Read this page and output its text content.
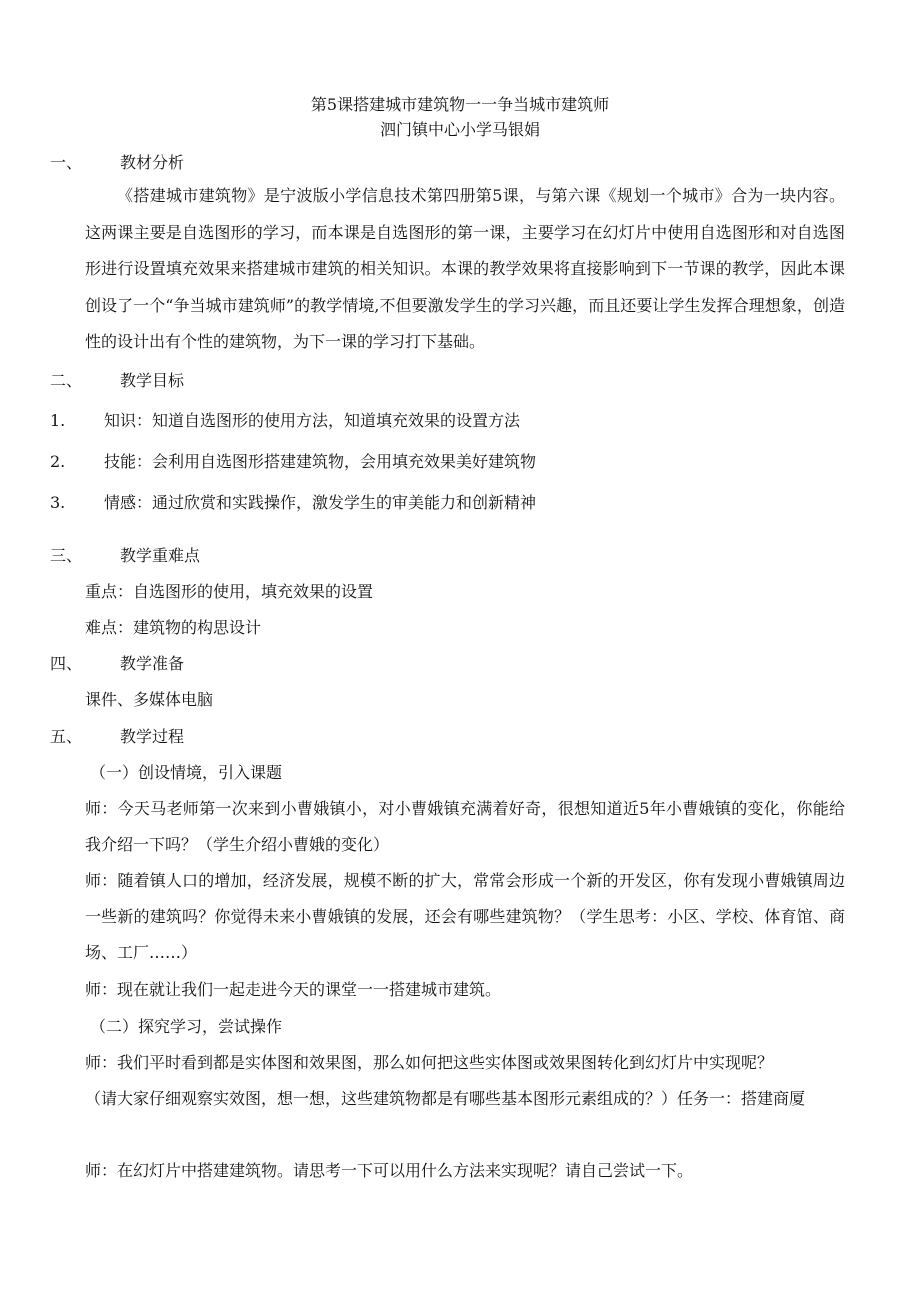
第5课搭建城市建筑物一一争当城市建筑师
泗门镇中心小学马银娟
一、 教材分析
《搭建城市建筑物》是宁波版小学信息技术第四册第5课，与第六课《规划一个城市》合为一块内容。这两课主要是自选图形的学习，而本课是自选图形的第一课，主要学习在幻灯片中使用自选图形和对自选图形进行设置填充效果来搭建城市建筑的相关知识。本课的教学效果将直接影响到下一节课的教学，因此本课创设了一个“争当城市建筑师”的教学情境,不但要激发学生的学习兴趣，而且还要让学生发挥合理想象，创造性的设计出有个性的建筑物，为下一课的学习打下基础。
二、 教学目标
1. 知识：知道自选图形的使用方法，知道填充效果的设置方法
2. 技能：会利用自选图形搭建建筑物，会用填充效果美好建筑物
3. 情感：通过欣赏和实践操作，激发学生的审美能力和创新精神
三、 教学重难点
重点：自选图形的使用，填充效果的设置
难点：建筑物的构思设计
四、 教学准备
课件、多媒体电脑
五、 教学过程
（一）创设情境，引入课题
师：今天马老师第一次来到小曹娥镇小，对小曹娥镇充满着好奇，很想知道近5年小曹娥镇的变化，你能给我介绍一下吗？（学生介绍小曹娥的变化）
师：随着镇人口的增加，经济发展，规模不断的扩大，常常会形成一个新的开发区，你有发现小曹娥镇周边一些新的建筑吗？你觉得未来小曹娥镇的发展，还会有哪些建筑物？（学生思考：小区、学校、体育馆、商场、工厂……）
师：现在就让我们一起走进今天的课堂一一搭建城市建筑。
（二）探究学习，尝试操作
师：我们平时看到都是实体图和效果图，那么如何把这些实体图或效果图转化到幻灯片中实现呢？
（请大家仔细观察实效图，想一想，这些建筑物都是有哪些基本图形元素组成的？）任务一：搭建商厦
师：在幻灯片中搭建建筑物。请思考一下可以用什么方法来实现呢？请自己尝试一下。
